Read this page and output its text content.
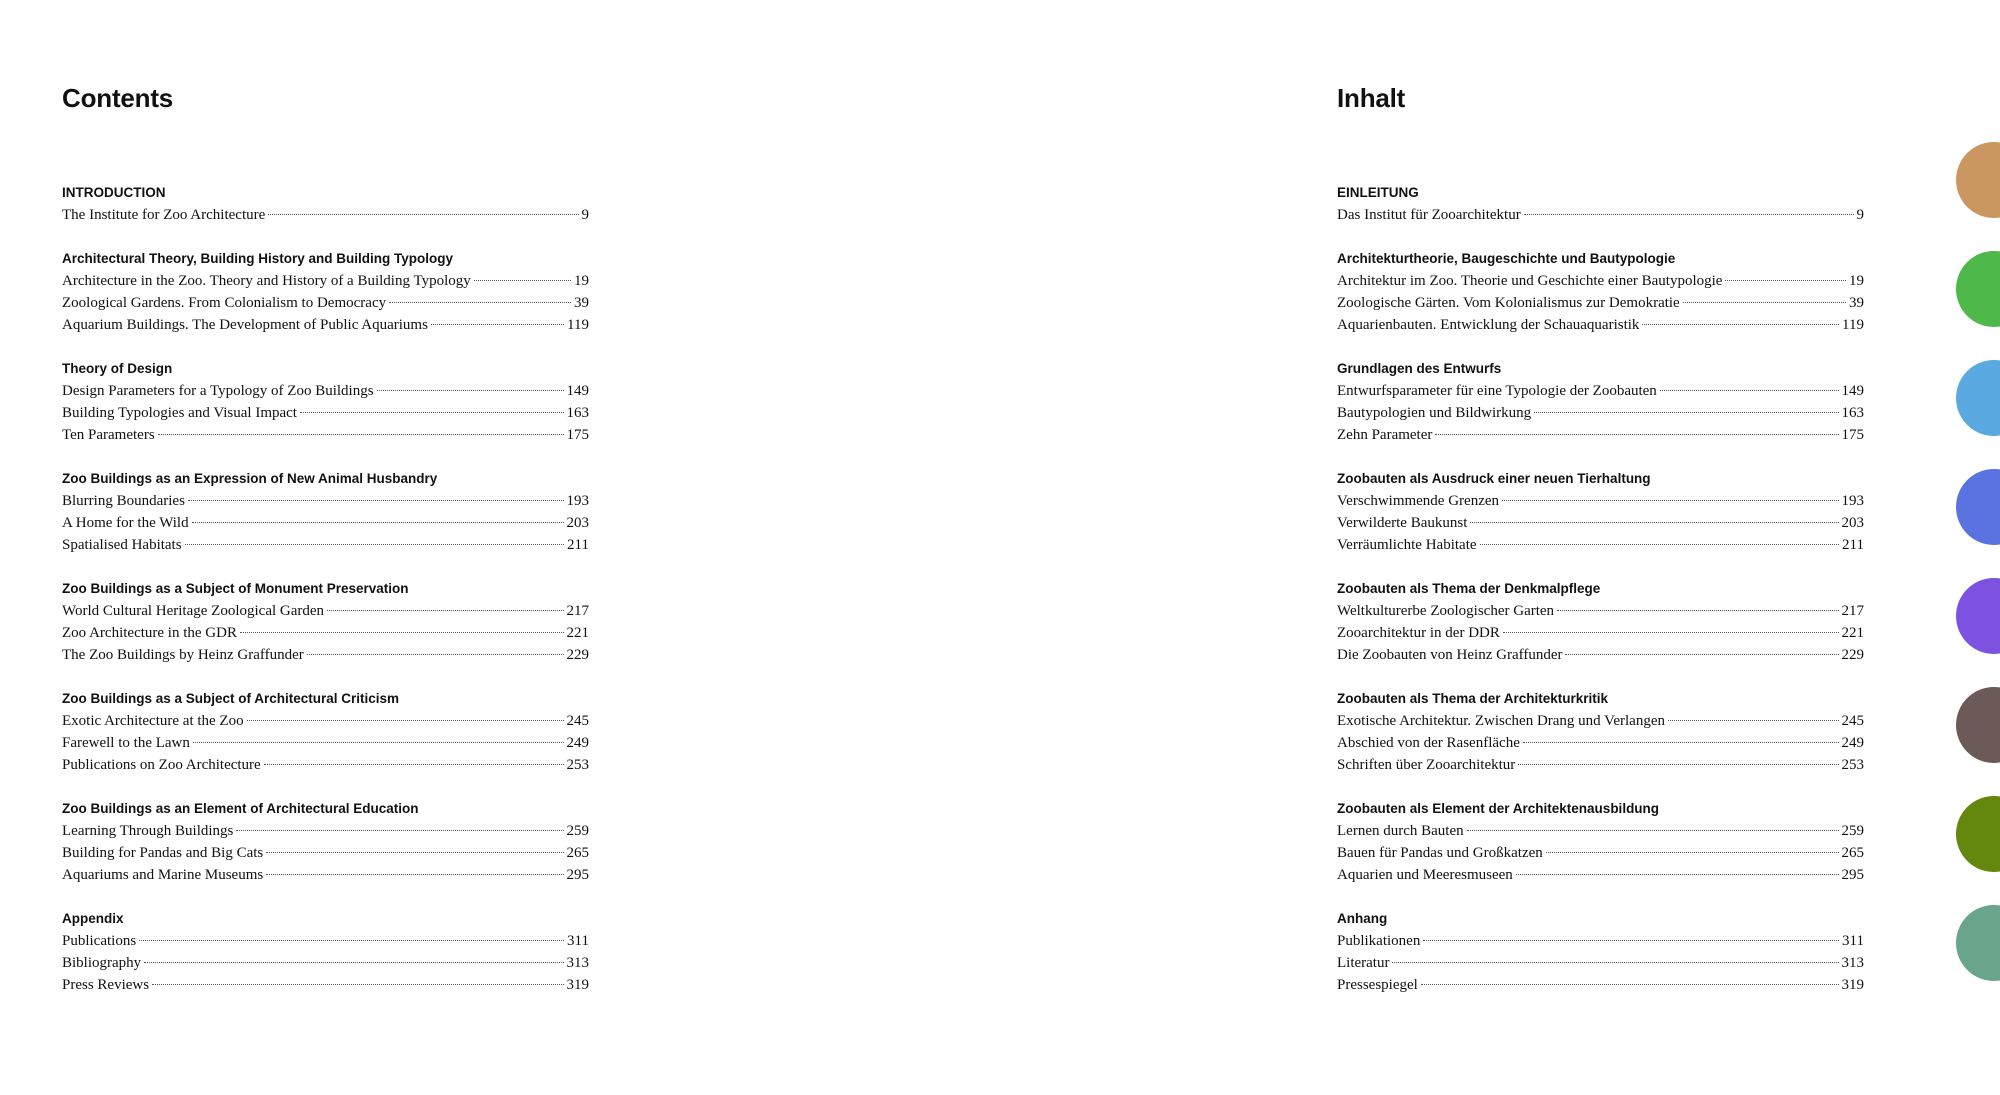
Contents
INTRODUCTION
The Institute for Zoo Architecture	9
Architectural Theory, Building History and Building Typology
Architecture in the Zoo. Theory and History of a Building Typology	19
Zoological Gardens. From Colonialism to Democracy	39
Aquarium Buildings. The Development of Public Aquariums	119
Theory of Design
Design Parameters for a Typology of Zoo Buildings	149
Building Typologies and Visual Impact	163
Ten Parameters	175
Zoo Buildings as an Expression of New Animal Husbandry
Blurring Boundaries	193
A Home for the Wild	203
Spatialised Habitats	211
Zoo Buildings as a Subject of Monument Preservation
World Cultural Heritage Zoological Garden	217
Zoo Architecture in the GDR	221
The Zoo Buildings by Heinz Graffunder	229
Zoo Buildings as a Subject of Architectural Criticism
Exotic Architecture at the Zoo	245
Farewell to the Lawn	249
Publications on Zoo Architecture	253
Zoo Buildings as an Element of Architectural Education
Learning Through Buildings	259
Building for Pandas and Big Cats	265
Aquariums and Marine Museums	295
Appendix
Publications	311
Bibliography	313
Press Reviews	319
Inhalt
EINLEITUNG
Das Institut für Zooarchitektur	9
Architekturtheorie, Baugeschichte und Bautypologie
Architektur im Zoo. Theorie und Geschichte einer Bautypologie	19
Zoologische Gärten. Vom Kolonialismus zur Demokratie	39
Aquarienbauten. Entwicklung der Schauaquaristik	119
Grundlagen des Entwurfs
Entwurfsparameter für eine Typologie der Zoobauten	149
Bautypologien und Bildwirkung	163
Zehn Parameter	175
Zoobauten als Ausdruck einer neuen Tierhaltung
Verschwimmende Grenzen	193
Verwilderte Baukunst	203
Verräumlichte Habitate	211
Zoobauten als Thema der Denkmalpflege
Weltkulturerbe Zoologischer Garten	217
Zooarchitektur in der DDR	221
Die Zoobauten von Heinz Graffunder	229
Zoobauten als Thema der Architekturkritik
Exotische Architektur. Zwischen Drang und Verlangen	245
Abschied von der Rasenfläche	249
Schriften über Zooarchitektur	253
Zoobauten als Element der Architektenausbildung
Lernen durch Bauten	259
Bauen für Pandas und Großkatzen	265
Aquarien und Meeresmuseen	295
Anhang
Publikationen	311
Literatur	313
Pressespiegel	319
